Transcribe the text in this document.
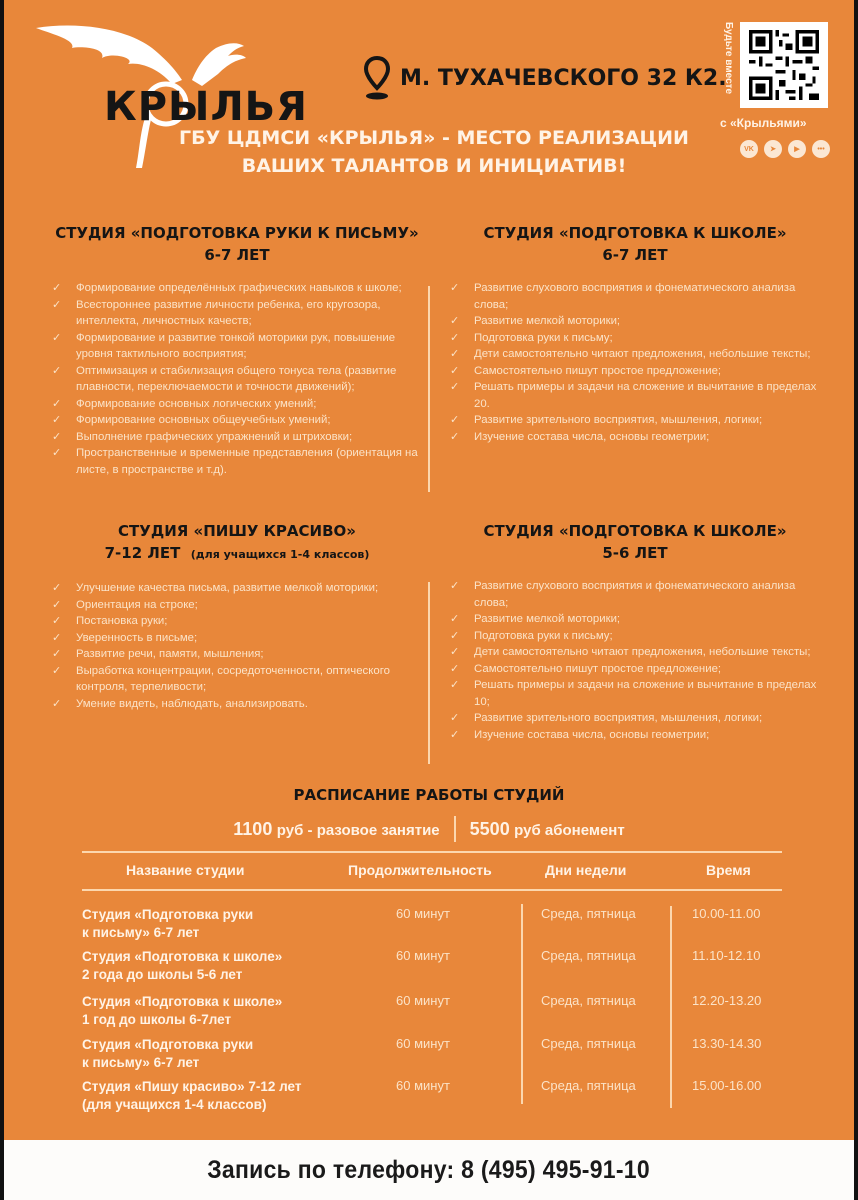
КРЫЛЬЯ
М. ТУХАЧЕВСКОГО 32 К2.
ГБУ ЦДМСИ «КРЫЛЬЯ» - МЕСТО РЕАЛИЗАЦИИ
ВАШИХ ТАЛАНТОВ И ИНИЦИАТИВ!
Будьте вместе
с «Крыльями»
VK	➤	▶	•••
СТУДИЯ «ПОДГОТОВКА РУКИ К ПИСЬМУ»
6-7 ЛЕТ
✓ Формирование определённых графических навыков к школе;
✓ Всестороннее развитие личности ребенка, его кругозора, интеллекта, личностных качеств;
✓ Формирование и развитие тонкой моторики рук, повышение уровня тактильного восприятия;
✓ Оптимизация и стабилизация общего тонуса тела (развитие плавности, переключаемости и точности движений);
✓ Формирование основных логических умений;
✓ Формирование основных общеучебных умений;
✓ Выполнение графических упражнений и штриховки;
✓ Пространственные и временные представления (ориентация на листе, в пространстве и т.д).
СТУДИЯ «ПОДГОТОВКА К ШКОЛЕ»
6-7 ЛЕТ
✓ Развитие слухового восприятия и фонематического анализа слова;
✓ Развитие мелкой моторики;
✓ Подготовка руки к письму;
✓ Дети самостоятельно читают предложения, небольшие тексты;
✓ Самостоятельно пишут простое предложение;
✓ Решать примеры и задачи на сложение и вычитание в пределах 20.
✓ Развитие зрительного восприятия, мышления, логики;
✓ Изучение состава числа, основы геометрии;
СТУДИЯ «ПИШУ КРАСИВО»
7-12 ЛЕТ (для учащихся 1-4 классов)
✓ Улучшение качества письма, развитие мелкой моторики;
✓ Ориентация на строке;
✓ Постановка руки;
✓ Уверенность в письме;
✓ Развитие речи, памяти, мышления;
✓ Выработка концентрации, сосредоточенности, оптического контроля, терпеливости;
✓ Умение видеть, наблюдать, анализировать.
СТУДИЯ «ПОДГОТОВКА К ШКОЛЕ»
5-6 ЛЕТ
✓ Развитие слухового восприятия и фонематического анализа слова;
✓ Развитие мелкой моторики;
✓ Подготовка руки к письму;
✓ Дети самостоятельно читают предложения, небольшие тексты;
✓ Самостоятельно пишут простое предложение;
✓ Решать примеры и задачи на сложение и вычитание в пределах 10;
✓ Развитие зрительного восприятия, мышления, логики;
✓ Изучение состава числа, основы геометрии;
РАСПИСАНИЕ РАБОТЫ СТУДИЙ
1100 руб - разовое занятие 5500 руб абонемент
Название студии	Продолжительность	Дни недели	Время
Студия «Подготовка руки
к письму» 6-7 лет
60 минут	Среда, пятница	10.00-11.00
Студия «Подготовка к школе»
2 года до школы 5-6 лет
60 минут	Среда, пятница	11.10-12.10
Студия «Подготовка к школе»
1 год до школы 6-7лет
60 минут	Среда, пятница	12.20-13.20
Студия «Подготовка руки
к письму» 6-7 лет
60 минут	Среда, пятница	13.30-14.30
Студия «Пишу красиво» 7-12 лет
(для учащихся 1-4 классов)
60 минут	Среда, пятница	15.00-16.00
Запись по телефону: 8 (495) 495-91-10
